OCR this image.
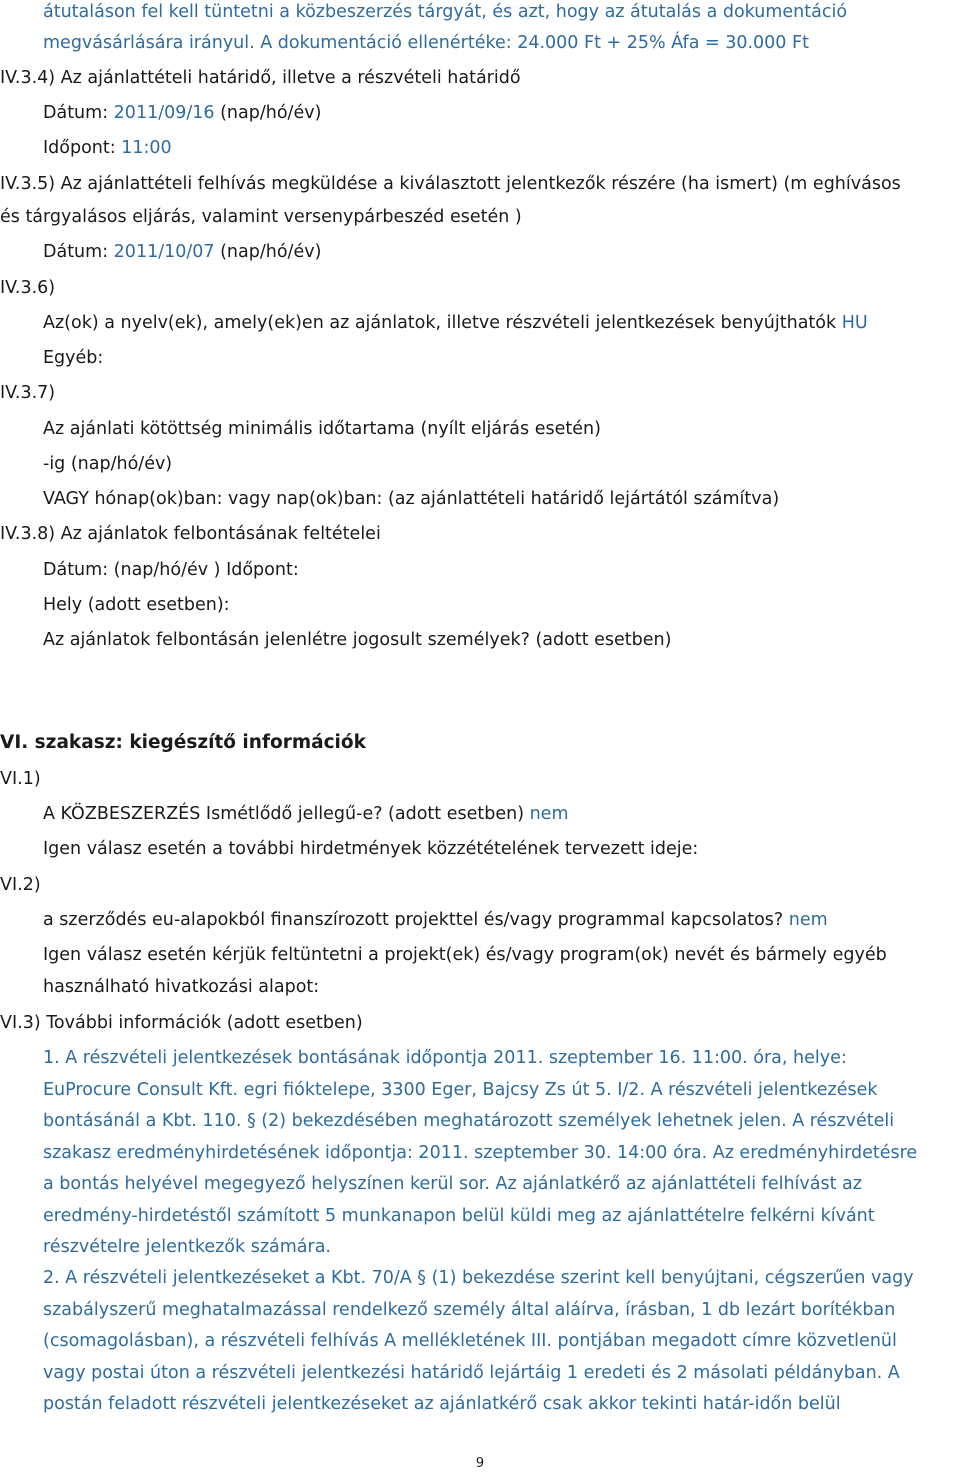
átutaláson fel kell tüntetni a közbeszerzés tárgyát, és azt, hogy az átutalás a dokumentáció
megvásárlására irányul. A dokumentáció ellenértéke: 24.000 Ft + 25% Áfa = 30.000 Ft
IV.3.4) Az ajánlattételi határidő, illetve a részvételi határidő
Dátum: 2011/09/16 (nap/hó/év)
Időpont: 11:00
IV.3.5) Az ajánlattételi felhívás megküldése a kiválasztott jelentkezők részére (ha ismert) (m eghívásos
és tárgyalásos eljárás, valamint versenypárbeszéd esetén )
Dátum: 2011/10/07 (nap/hó/év)
IV.3.6)
Az(ok) a nyelv(ek), amely(ek)en az ajánlatok, illetve részvételi jelentkezések benyújthatók HU
Egyéb:
IV.3.7)
Az ajánlati kötöttség minimális időtartama (nyílt eljárás esetén)
-ig (nap/hó/év)
VAGY hónap(ok)ban: vagy nap(ok)ban: (az ajánlattételi határidő lejártától számítva)
IV.3.8) Az ajánlatok felbontásának feltételei
Dátum: (nap/hó/év ) Időpont:
Hely (adott esetben):
Az ajánlatok felbontásán jelenlétre jogosult személyek? (adott esetben)
VI. szakasz: kiegészítő információk
VI.1)
A KÖZBESZERZÉS Ismétlődő jellegű-e? (adott esetben) nem
Igen válasz esetén a további hirdetmények közzétételének tervezett ideje:
VI.2)
a szerződés eu-alapokból finanszírozott projekttel és/vagy programmal kapcsolatos? nem
Igen válasz esetén kérjük feltüntetni a projekt(ek) és/vagy program(ok) nevét és bármely egyéb
használható hivatkozási alapot:
VI.3) További információk (adott esetben)
1. A részvételi jelentkezések bontásának időpontja 2011. szeptember 16. 11:00. óra, helye:
EuProcure Consult Kft. egri fióktelepe, 3300 Eger, Bajcsy Zs út 5. I/2. A részvételi jelentkezések
bontásánál a Kbt. 110. § (2) bekezdésében meghatározott személyek lehetnek jelen. A részvételi
szakasz eredményhirdetésének időpontja: 2011. szeptember 30. 14:00 óra. Az eredményhirdetésre
a bontás helyével megegyező helyszínen kerül sor. Az ajánlatkérő az ajánlattételi felhívást az
eredmény-hirdetéstől számított 5 munkanapon belül küldi meg az ajánlattételre felkérni kívánt
részvételre jelentkezők számára.
2. A részvételi jelentkezéseket a Kbt. 70/A § (1) bekezdése szerint kell benyújtani, cégszerűen vagy
szabályszerű meghatalmazással rendelkező személy által aláírva, írásban, 1 db lezárt borítékban
(csomagolásban), a részvételi felhívás A mellékletének III. pontjában megadott címre közvetlenül
vagy postai úton a részvételi jelentkezési határidő lejártáig 1 eredeti és 2 másolati példányban. A
postán feladott részvételi jelentkezéseket az ajánlatkérő csak akkor tekinti határ-időn belül
9
